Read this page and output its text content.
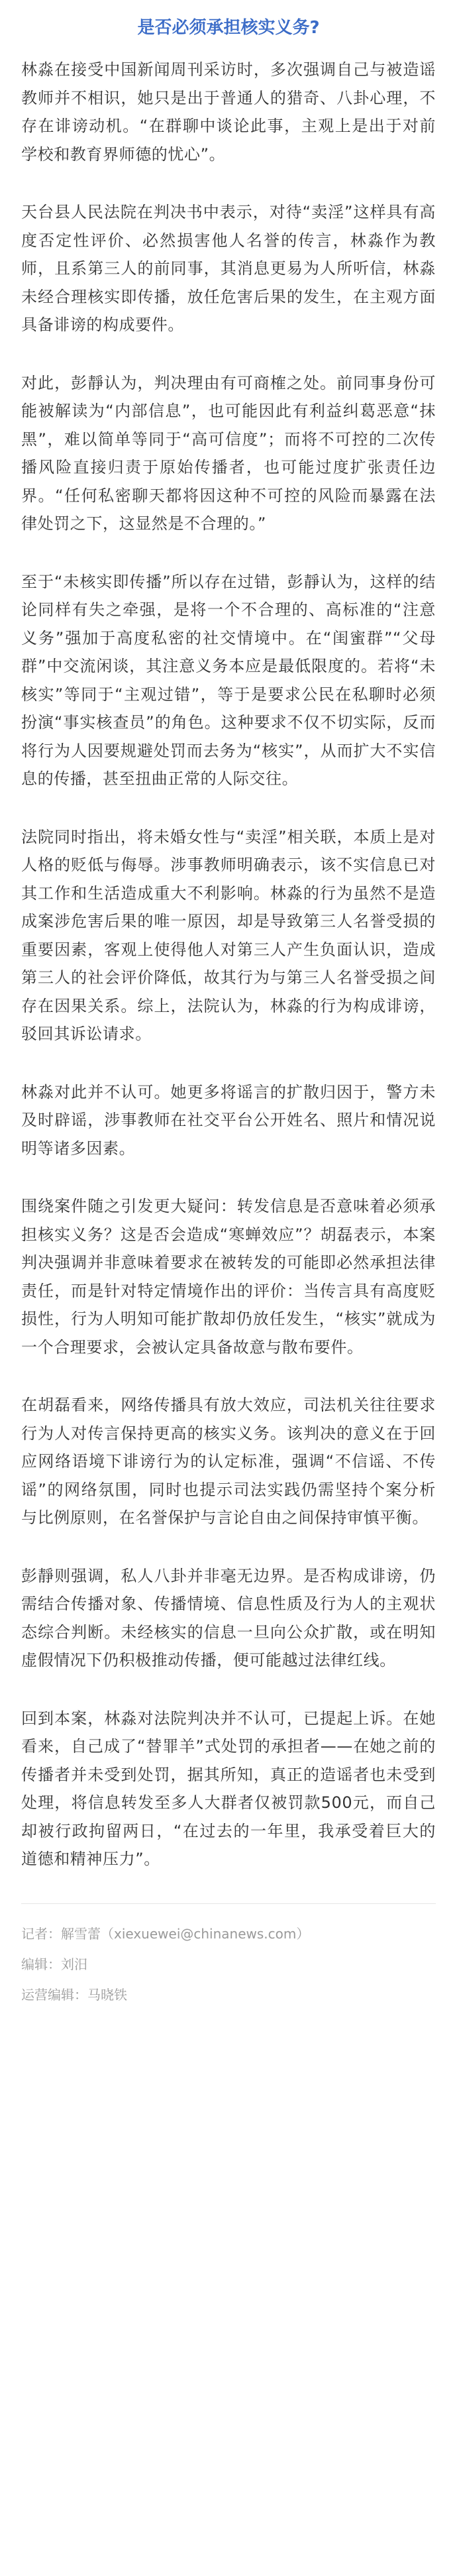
是否必须承担核实义务?

林淼在接受中国新闻周刊采访时，多次强调自己与被造谣教师并不相识，她只是出于普通人的猎奇、八卦心理，不存在诽谤动机。“在群聊中谈论此事，主观上是出于对前学校和教育界师德的忧心”。

天台县人民法院在判决书中表示，对待“卖淫”这样具有高度否定性评价、必然损害他人名誉的传言，林淼作为教师，且系第三人的前同事，其消息更易为人所听信，林淼未经合理核实即传播，放任危害后果的发生，在主观方面具备诽谤的构成要件。

对此，彭靜认为，判决理由有可商榷之处。前同事身份可能被解读为“内部信息”，也可能因此有利益纠葛恶意“抹黑”，难以简单等同于“高可信度”；而将不可控的二次传播风险直接归责于原始传播者，也可能过度扩张责任边界。“任何私密聊天都将因这种不可控的风险而暴露在法律处罚之下，这显然是不合理的。”

至于“未核实即传播”所以存在过错，彭靜认为，这样的结论同样有失之牵强，是将一个不合理的、高标准的“注意义务”强加于高度私密的社交情境中。在“闺蜜群”“父母群”中交流闲谈，其注意义务本应是最低限度的。若将“未核实”等同于“主观过错”，等于是要求公民在私聊时必须扮演“事实核查员”的角色。这种要求不仅不切实际，反而将行为人因要规避处罚而去务为“核实”，从而扩大不实信息的传播，甚至扭曲正常的人际交往。

法院同时指出，将未婚女性与“卖淫”相关联，本质上是对人格的贬低与侮辱。涉事教师明确表示，该不实信息已对其工作和生活造成重大不利影响。林淼的行为虽然不是造成案涉危害后果的唯一原因，却是导致第三人名誉受损的重要因素，客观上使得他人对第三人产生负面认识，造成第三人的社会评价降低，故其行为与第三人名誉受损之间存在因果关系。综上，法院认为，林淼的行为构成诽谤，驳回其诉讼请求。

林淼对此并不认可。她更多将谣言的扩散归因于，警方未及时辟谣，涉事教师在社交平台公开姓名、照片和情况说明等诸多因素。

围绕案件随之引发更大疑问：转发信息是否意味着必须承担核实义务？这是否会造成“寒蝉效应”？胡磊表示，本案判决强调并非意味着要求在被转发的可能即必然承担法律责任，而是针对特定情境作出的评价：当传言具有高度贬损性，行为人明知可能扩散却仍放任发生，“核实”就成为一个合理要求，会被认定具备故意与散布要件。

在胡磊看来，网络传播具有放大效应，司法机关往往要求行为人对传言保持更高的核实义务。该判决的意义在于回应网络语境下诽谤行为的认定标准，强调“不信谣、不传谣”的网络氛围，同时也提示司法实践仍需坚持个案分析与比例原则，在名誉保护与言论自由之间保持审慎平衡。

彭靜则强调，私人八卦并非毫无边界。是否构成诽谤，仍需结合传播对象、传播情境、信息性质及行为人的主观状态综合判断。未经核实的信息一旦向公众扩散，或在明知虚假情况下仍积极推动传播，便可能越过法律红线。

回到本案，林淼对法院判决并不认可，已提起上诉。在她看来，自己成了“替罪羊”式处罚的承担者——在她之前的传播者并未受到处罚，据其所知，真正的造谣者也未受到处理，将信息转发至多人大群者仅被罚款500元，而自己却被行政拘留两日，“在过去的一年里，我承受着巨大的道德和精神压力”。

记者：解雪蕾（xiexuewei@chinanews.com）

编辑：刘汨

运营编辑：马晓铁
